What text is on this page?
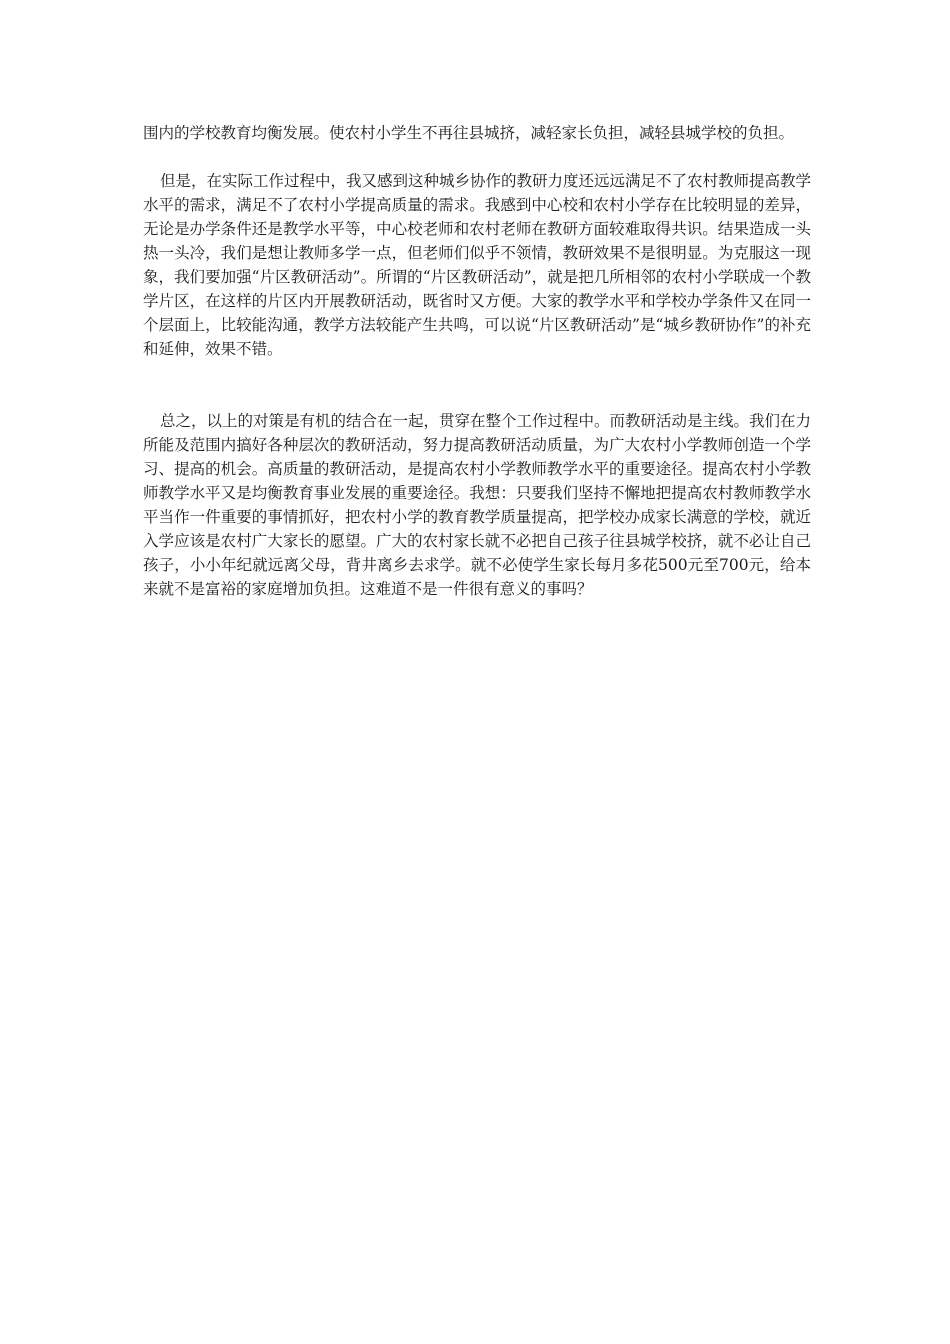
围内的学校教育均衡发展。使农村小学生不再往县城挤，减轻家长负担，减轻县城学校的负担。

但是，在实际工作过程中，我又感到这种城乡协作的教研力度还远远满足不了农村教师提高教学水平的需求，满足不了农村小学提高质量的需求。我感到中心校和农村小学存在比较明显的差异，无论是办学条件还是教学水平等，中心校老师和农村老师在教研方面较难取得共识。结果造成一头热一头冷，我们是想让教师多学一点，但老师们似乎不领情，教研效果不是很明显。为克服这一现象，我们要加强“片区教研活动”。所谓的“片区教研活动”，就是把几所相邻的农村小学联成一个教学片区，在这样的片区内开展教研活动，既省时又方便。大家的教学水平和学校办学条件又在同一个层面上，比较能沟通，教学方法较能产生共鸣，可以说“片区教研活动”是“城乡教研协作”的补充和延伸，效果不错。

总之，以上的对策是有机的结合在一起，贯穿在整个工作过程中。而教研活动是主线。我们在力所能及范围内搞好各种层次的教研活动，努力提高教研活动质量，为广大农村小学教师创造一个学习、提高的机会。高质量的教研活动，是提高农村小学教师教学水平的重要途径。提高农村小学教师教学水平又是均衡教育事业发展的重要途径。我想：只要我们坚持不懈地把提高农村教师教学水平当作一件重要的事情抓好，把农村小学的教育教学质量提高，把学校办成家长满意的学校，就近入学应该是农村广大家长的愿望。广大的农村家长就不必把自己孩子往县城学校挤，就不必让自己孩子，小小年纪就远离父母，背井离乡去求学。就不必使学生家长每月多花500元至700元，给本来就不是富裕的家庭增加负担。这难道不是一件很有意义的事吗？
